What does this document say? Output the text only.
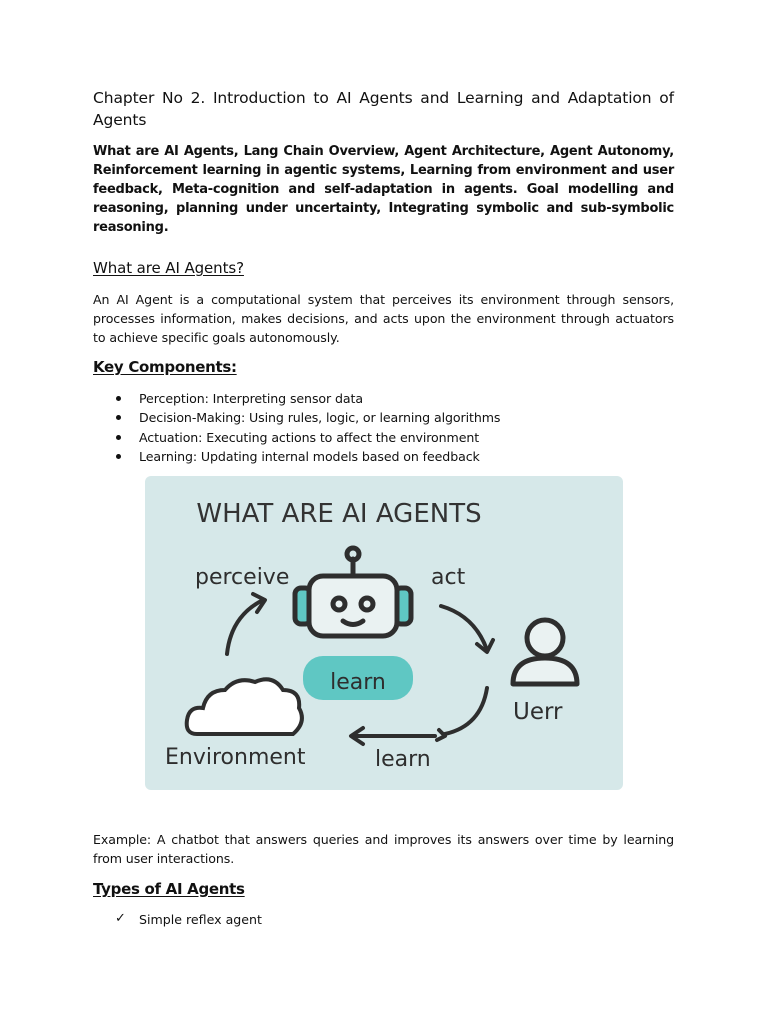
Chapter No 2. Introduction to AI Agents and Learning and Adaptation of Agents

What are AI Agents, Lang Chain Overview, Agent Architecture, Agent Autonomy, Reinforcement learning in agentic systems, Learning from environment and user feedback, Meta-cognition and self-adaptation in agents. Goal modelling and reasoning, planning under uncertainty, Integrating symbolic and sub-symbolic reasoning.

What are AI Agents?

An AI Agent is a computational system that perceives its environment through sensors, processes information, makes decisions, and acts upon the environment through actuators to achieve specific goals autonomously.

Key Components:
Perception: Interpreting sensor data
Decision-Making: Using rules, logic, or learning algorithms
Actuation: Executing actions to affect the environment
Learning: Updating internal models based on feedback

Example: A chatbot that answers queries and improves its answers over time by learning from user interactions.

Types of AI Agents
✓ Simple reflex agent
WHAT ARE AI AGENTS
learn
perceive	act
Uerr
Environment	learn
